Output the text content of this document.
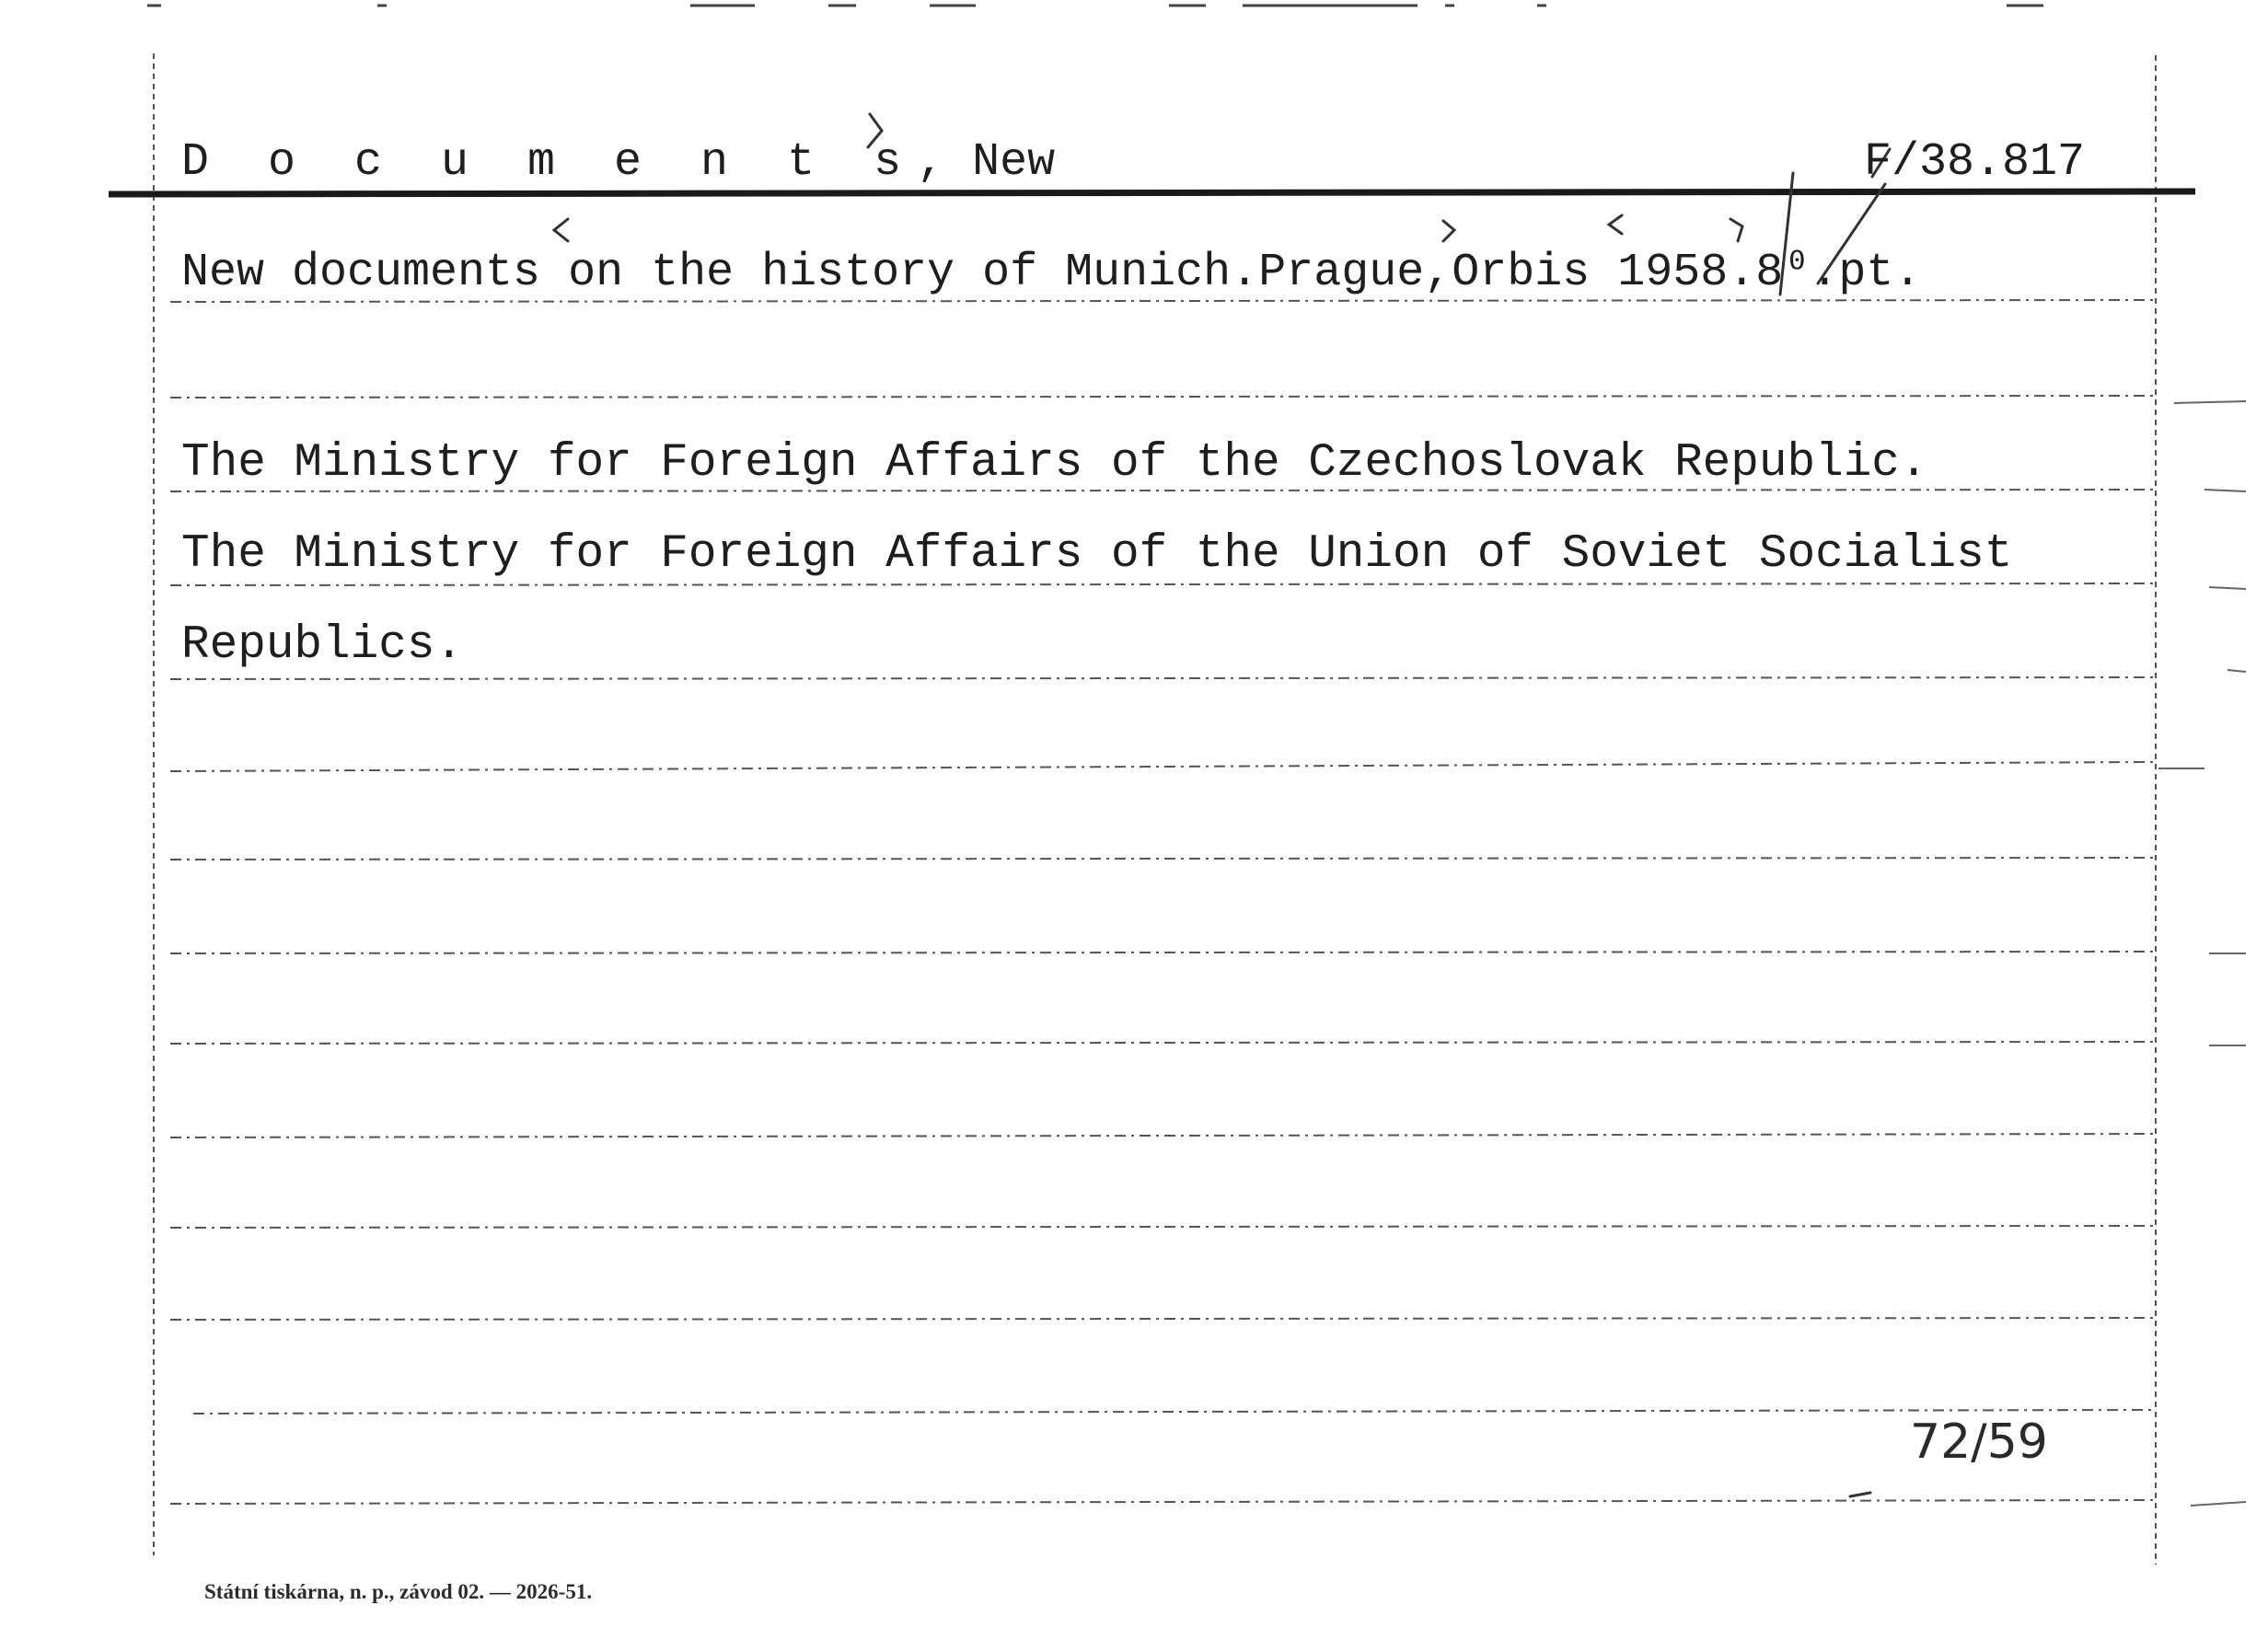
D o c u m e n t s, New	F/38.817
New documents on the history of Munich.Prague,Orbis 1958.8⁰.pt.
The Ministry for Foreign Affairs of the Czechoslovak Republic.
The Ministry for Foreign Affairs of the Union of Soviet Socialist
Republics.
72/59
Státní tiskárna, n. p., závod 02. — 2026-51.
